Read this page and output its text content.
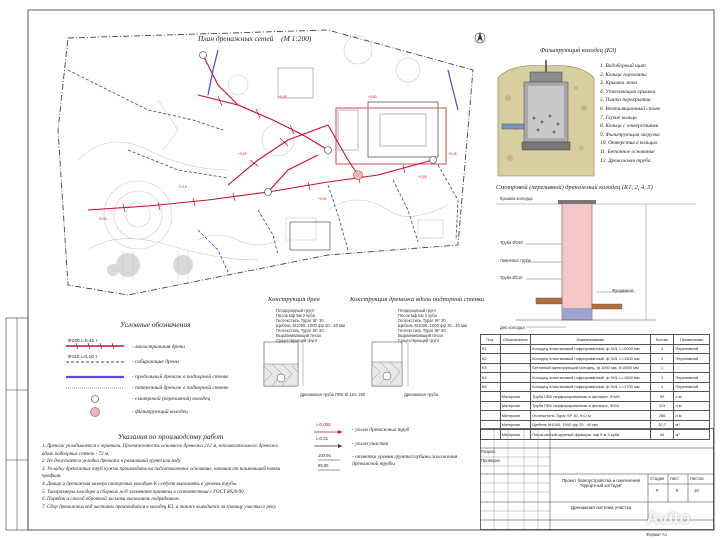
+0,00	+0,60
+0,80
+1,15
+0,40
+0,55
+0,90
+0,45
План дренажных сетей (М 1:200)
Фильтрующий колодец (К3)
1. Водоборный щит
2. Кольца горловины
3. Крышка люка
4. Утепляющая крышка
5. Плита перекрытия
6. Вентиляционный стояк
7. Глухие кольца
8. Кольца с отверстиями
9. Фильтрующая загрузка
10. Отверстия в кольцах
11. Бетонное основание
12. Дренажная труба
Смотровой (переливной) дренажный колодец (К1, 2, 4, 5)
Крышка колодца
Труба Ø160
Ливневая труба
Труба Ø110
Дно колодца
Фундамент
Конструкция дрен	Конструкция дренажа вдоль подпорной стенки
Плодородный грунт
Песок мф 5м 3 куба
Геотекстиль Тураг SF 30
Щебень М1000, 1000 фр 20...40 мм
Геотекстиль Тураг SF 30
Выравнивающий песок
Существующий грунт
Плодородный грунт
Песок мф 5м 3 куба
Геотекстиль Тураг SF 30
Щебень М1000, 1000 фр 20...40 мм
Геотекстиль Тураг SF 30
Выравнивающий песок
Существующий грунт
Дренажная труба ПВХ Ø 110, 160	Дренажная труба
Условные обозначения
Ф160 i=0,42 т
Ф110 i=0,16 т
- магистральная дрена
- собирающие дрены
- продольный дренаж в подпорной стенке
- поперечный дренаж в подпорной стенке
- смотровой (переливной) колодец
- фильтрующий колодец
Указания по производству работ
1. Дренаж укладывается в траншеи. Протяженность основного дренажа 212 м, вспомогательного дренажа
вдоль подпорных стенок - 72 м.
2. Не допускается укладка дренажа в размокший грунт или воду
3. Укладку дренажных труб нужно производить на подготовленное основание, начиная от наименьшей точки
профиля.
4. Днище и дренажная камера смотровых колодцев К следует выполнять в уровень трубы.
5. Типоразмеры колодцев и сборных ж/б элементов приняты в соответствии с ГОСТ 8020-90.
6. Порядок и способ обратной засыпки выполнить подрядчиком.
7. Сбор дренажных вод частично производится в колодец К3, а также выводится за границу участка в реку.
i=0,005
i=0,01
100,95
99,85
- уклон дренажных труб
- уклон участка
- отметка уровня грунта/глубины заложения дренажной трубы
Поз.	Обозначение	Наименование	Кол-во	Примечание
К1		Колодец пластиковый гофрированный, ф 315, L=2000 мм	1	Переливной
К2		Колодец пластиковый гофрированный, ф 315, L=1500 мм	1	Переливной
К3		Бетонный фильтрующий колодец, ф 1000 мм, h=2800 мм	1	
К4		Колодец пластиковый гофрированный, ф 315, L=1500 мм	1	Переливной
К5		Колодец пластиковый гофрированный, ф 315, L=1700 мм	1	Переливной
	Материал	Труба ПВХ перфорированная в фильтре, Ф160	99	п.м
	Материал	Труба ПВХ перфорированная в фильтре, Ф110	113	п.м
	Материал	Геотекстиль Тураг SF 30, h=2 м	286	п.м
	Материал	Щебень М1000, 1000 фр 20...40 мм	32,7	м³
	Материал	Песок мытый крупный фракции, мф 5 м 3 куба	44	м³
Разраб.
Проверил
Проект благоустройства и озеленения "Курортный коттедж"
Дренажная система участка
Стадия Лист	Листов
Р	9	16
Формат А1
Avito
